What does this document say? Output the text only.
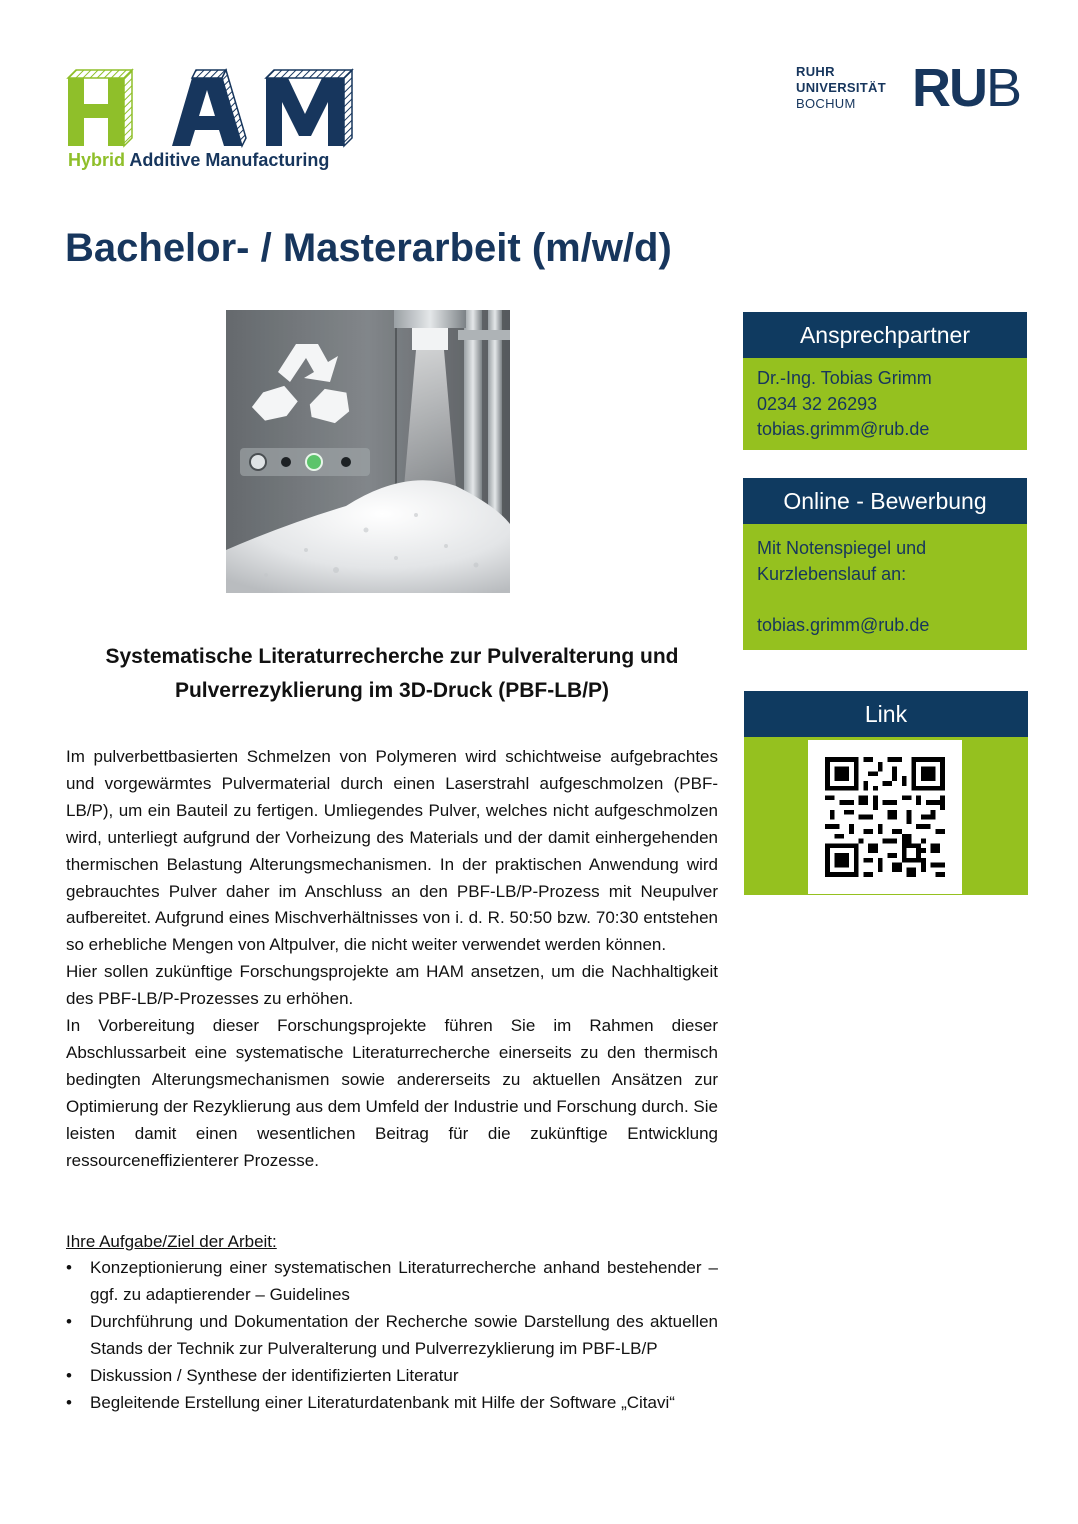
Hybrid Additive Manufacturing
RUHR
UNIVERSITÄT
BOCHUM	RUB
Bachelor- / Masterarbeit (m/w/d)
Systematische Literaturrecherche zur Pulveralterung und Pulverrezyklierung im 3D-Druck (PBF-LB/P)

Im pulverbettbasierten Schmelzen von Polymeren wird schichtweise aufgebrachtes und vorgewärmtes Pulvermaterial durch einen Laserstrahl aufgeschmolzen (PBF-LB/P), um ein Bauteil zu fertigen. Umliegendes Pulver, welches nicht aufgeschmolzen wird, unterliegt aufgrund der Vorheizung des Materials und der damit einhergehenden thermischen Belastung Alterungsmechanismen. In der praktischen Anwendung wird gebrauchtes Pulver daher im Anschluss an den PBF-LB/P-Prozess mit Neupulver aufbereitet. Aufgrund eines Mischverhältnisses von i. d. R. 50:50 bzw. 70:30 entstehen so erhebliche Mengen von Altpulver, die nicht weiter verwendet werden können.

Hier sollen zukünftige Forschungsprojekte am HAM ansetzen, um die Nachhaltigkeit des PBF-LB/P-Prozesses zu erhöhen.

In Vorbereitung dieser Forschungsprojekte führen Sie im Rahmen dieser Abschlussarbeit eine systematische Literaturrecherche einerseits zu den thermisch bedingten Alterungsmechanismen sowie andererseits zu aktuellen Ansätzen zur Optimierung der Rezyklierung aus dem Umfeld der Industrie und Forschung durch. Sie leisten damit einen wesentlichen Beitrag für die zukünftige Entwicklung ressourceneffizienterer Prozesse.

Ihre Aufgabe/Ziel der Arbeit:
• Konzeptionierung einer systematischen Literaturrecherche anhand bestehender – ggf. zu adaptierender – Guidelines
• Durchführung und Dokumentation der Recherche sowie Darstellung des aktuellen Stands der Technik zur Pulveralterung und Pulverrezyklierung im PBF-LB/P
• Diskussion / Synthese der identifizierten Literatur
• Begleitende Erstellung einer Literaturdatenbank mit Hilfe der Software „Citavi“
Ansprechpartner
Dr.-Ing. Tobias Grimm
0234 32 26293
tobias.grimm@rub.de
Online - Bewerbung
Mit Notenspiegel und
Kurzlebenslauf an:
tobias.grimm@rub.de
Link
